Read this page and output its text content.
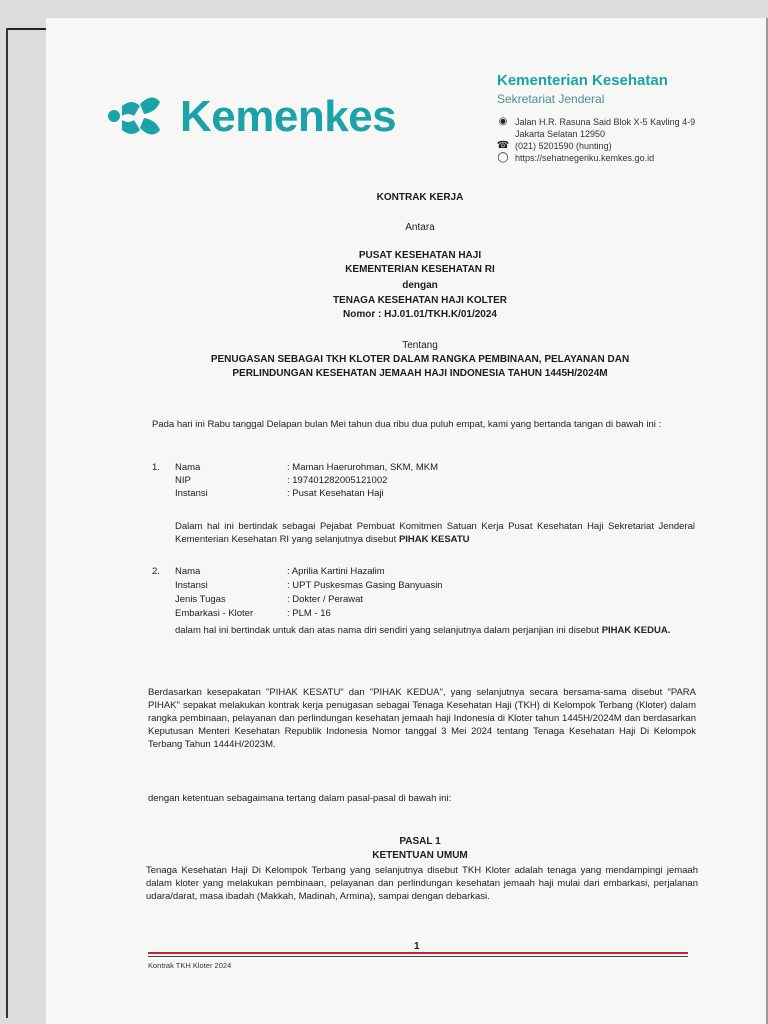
Kemenkes
Kementerian Kesehatan
Sekretariat Jenderal
◉ Jalan H.R. Rasuna Said Blok X-5 Kavling 4-9
Jakarta Selatan 12950
☎ (021) 5201590 (hunting)
◯ https://sehatnegeriku.kemkes.go.id
KONTRAK KERJA
Antara
PUSAT KESEHATAN HAJI
KEMENTERIAN KESEHATAN RI
dengan
TENAGA KESEHATAN HAJI KOLTER
Nomor : HJ.01.01/TKH.K/01/2024
Tentang
PENUGASAN SEBAGAI TKH KLOTER DALAM RANGKA PEMBINAAN, PELAYANAN DAN
PERLINDUNGAN KESEHATAN JEMAAH HAJI INDONESIA TAHUN 1445H/2024M
Pada hari ini Rabu tanggal Delapan bulan Mei tahun dua ribu dua puluh empat, kami yang bertanda tangan di bawah ini :
1. Nama	: Maman Haerurohman, SKM, MKM
NIP	: 197401282005121002
Instansi	: Pusat Kesehatan Haji
Dalam hal ini bertindak sebagai Pejabat Pembuat Komitmen Satuan Kerja Pusat Kesehatan Haji Sekretariat Jenderal Kementerian Kesehatan RI yang selanjutnya disebut PIHAK KESATU
2. Nama	: Aprilia Kartini Hazalim
Instansi	: UPT Puskesmas Gasing Banyuasin
Jenis Tugas	: Dokter / Perawat
Embarkasi - Kloter	: PLM - 16
dalam hal ini bertindak untuk dan atas nama diri sendiri yang selanjutnya dalam perjanjian ini disebut PIHAK KEDUA.
Berdasarkan kesepakatan "PIHAK KESATU" dan "PIHAK KEDUA", yang selanjutnya secara bersama-sama disebut "PARA PIHAK" sepakat melakukan kontrak kerja penugasan sebagai Tenaga Kesehatan Haji (TKH) di Kelompok Terbang (Kloter) dalam rangka pembinaan, pelayanan dan perlindungan kesehatan jemaah haji Indonesia di Kloter tahun 1445H/2024M dan berdasarkan Keputusan Menteri Kesehatan Republik Indonesia Nomor tanggal 3 Mei 2024 tentang Tenaga Kesehatan Haji Di Kelompok Terbang Tahun 1444H/2023M.
dengan ketentuan sebagaimana tertang dalam pasal-pasal di bawah ini:
PASAL 1
KETENTUAN UMUM
Tenaga Kesehatan Haji Di Kelompok Terbang yang selanjutnya disebut TKH Kloter adalah tenaga yang mendampingi jemaah dalam kloter yang melakukan pembinaan, pelayanan dan perlindungan kesehatan jemaah haji mulai dari embarkasi, perjalanan udara/darat, masa ibadah (Makkah, Madinah, Armina), sampai dengan debarkasi.
1
Kontrak TKH Kloter 2024
